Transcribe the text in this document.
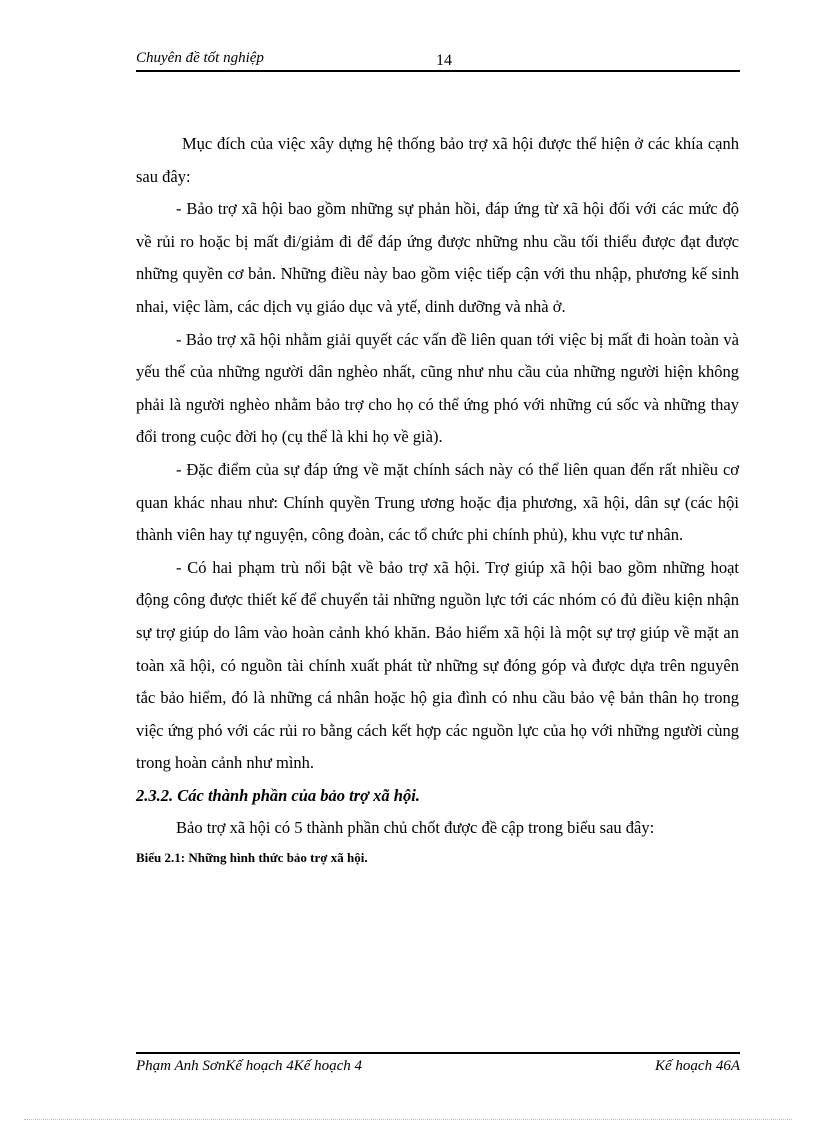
Chuyên đề tốt nghiệp	14

Mục đích của việc xây dựng hệ thống bảo trợ xã hội được thể hiện ở các khía cạnh sau đây:

- Bảo trợ xã hội bao gồm những sự phản hồi, đáp ứng từ xã hội đối với các mức độ về rủi ro hoặc bị mất đi/giảm đi để đáp ứng được những nhu cầu tối thiểu được đạt được những quyền cơ bản. Những điều này bao gồm việc tiếp cận với thu nhập, phương kế sinh nhai, việc làm, các dịch vụ giáo dục và ytế, dinh dưỡng và nhà ở.

- Bảo trợ xã hội nhằm giải quyết các vấn đề liên quan tới việc bị mất đi hoàn toàn và yếu thế của những người dân nghèo nhất, cũng như nhu cầu của những người hiện không phải là người nghèo nhằm bảo trợ cho họ có thể ứng phó với những cú sốc và những thay đổi trong cuộc đời họ (cụ thể là khi họ về già).

- Đặc điểm của sự đáp ứng về mặt chính sách này có thể liên quan đến rất nhiều cơ quan khác nhau như: Chính quyền Trung ương hoặc địa phương, xã hội, dân sự (các hội thành viên hay tự nguyện, công đoàn, các tổ chức phi chính phủ), khu vực tư nhân.

- Có hai phạm trù nổi bật về bảo trợ xã hội. Trợ giúp xã hội bao gồm những hoạt động công được thiết kế để chuyển tải những nguồn lực tới các nhóm có đủ điều kiện nhận sự trợ giúp do lâm vào hoàn cảnh khó khăn. Bảo hiểm xã hội là một sự trợ giúp về mặt an toàn xã hội, có nguồn tài chính xuất phát từ những sự đóng góp và được dựa trên nguyên tắc bảo hiểm, đó là những cá nhân hoặc hộ gia đình có nhu cầu bảo vệ bản thân họ trong việc ứng phó với các rủi ro bằng cách kết hợp các nguồn lực của họ với những người cùng trong hoàn cảnh như mình.

2.3.2. Các thành phần của bảo trợ xã hội.

Bảo trợ xã hội có 5 thành phần chủ chốt được đề cập trong biểu sau đây:

Biểu 2.1: Những hình thức bảo trợ xã hội.

Phạm Anh SơnKế hoạch 4Kế hoạch 4	Kế hoạch 46A
